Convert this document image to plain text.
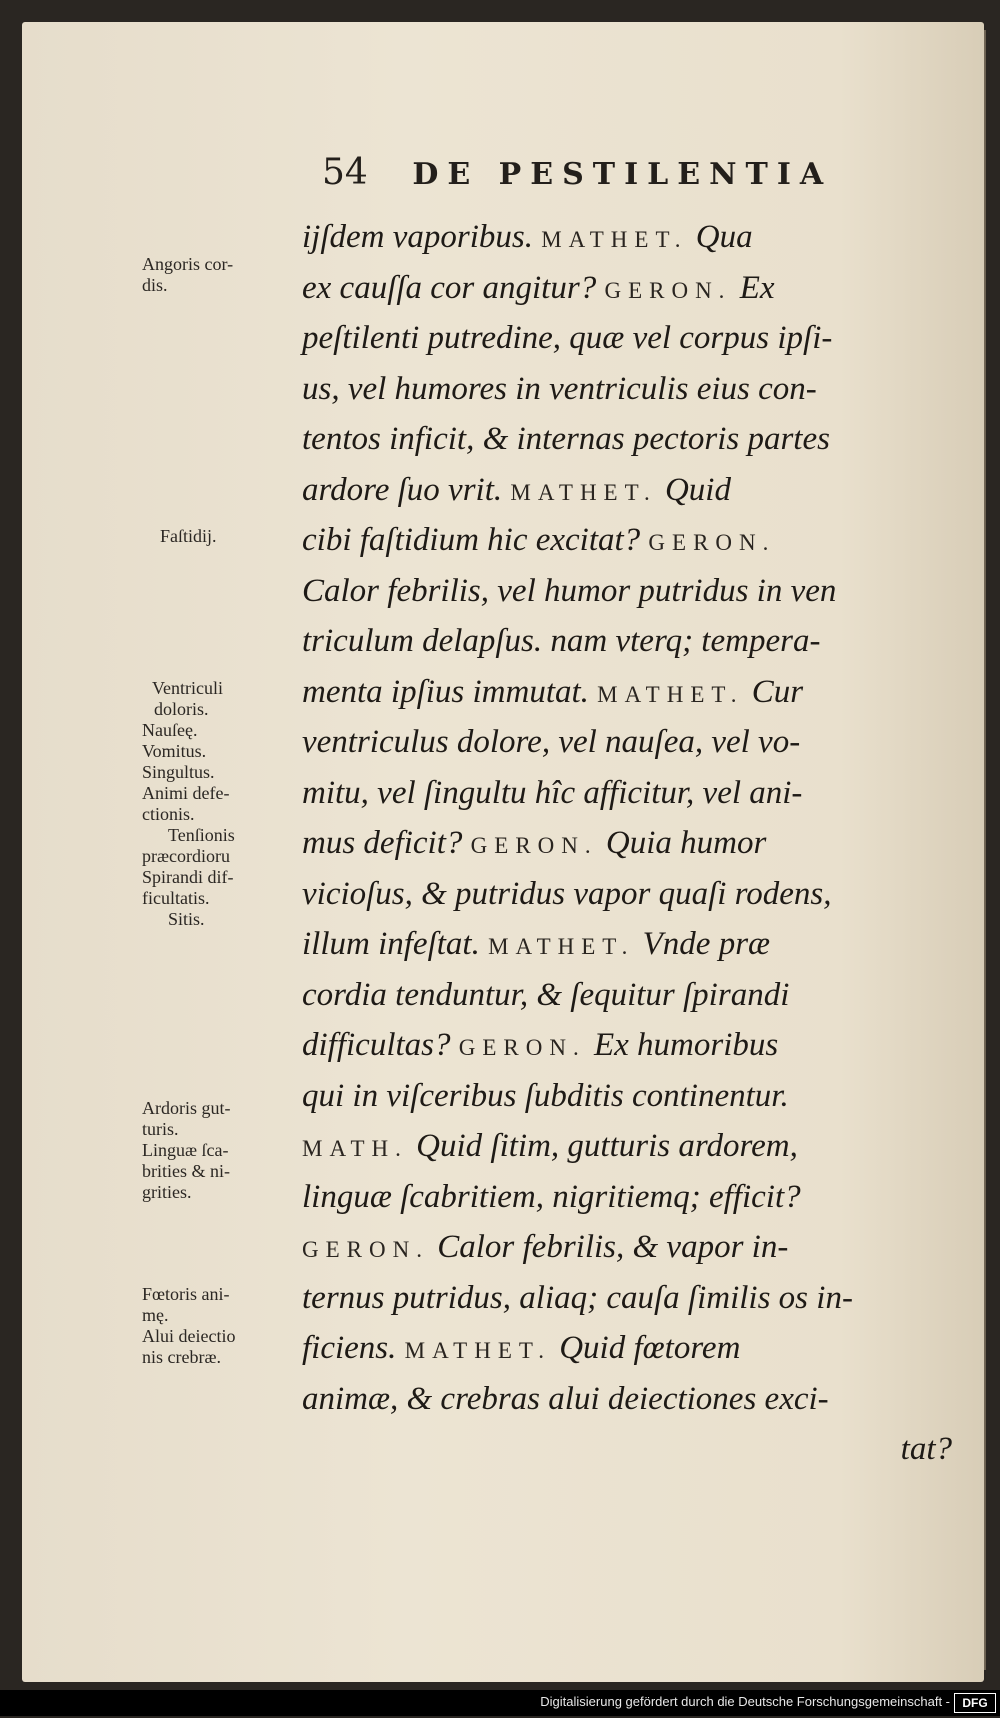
54 DE PESTILENTIA
Angoris cor-
dis.
Faſtidij.
Ventriculi
doloris.
Nauſeę.
Vomitus.
Singultus.
Animi defe-
ctionis.
Tenſionis
præcordioru
Spirandi dif-
ficultatis.
Sitis.
Ardoris gut-
turis.
Linguæ ſca-
brities & ni-
grities.
Fœtoris ani-
mę.
Alui deiectio
nis crebræ.
ijſdem vaporibus. MATHET. Qua
ex cauſſa cor angitur? GERON. Ex
peſtilenti putredine, quæ vel corpus ipſi-
us, vel humores in ventriculis eius con-
tentos inficit, & internas pectoris partes
ardore ſuo vrit. MATHET. Quid
cibi faſtidium hic excitat? GERON.
Calor febrilis, vel humor putridus in ven
triculum delapſus. nam vterq; tempera-
menta ipſius immutat. MATHET. Cur
ventriculus dolore, vel nauſea, vel vo-
mitu, vel ſingultu hîc afficitur, vel ani-
mus deficit? GERON. Quia humor
vicioſus, & putridus vapor quaſi rodens,
illum infeſtat. MATHET. Vnde præ
cordia tenduntur, & ſequitur ſpirandi
difficultas? GERON. Ex humoribus
qui in viſceribus ſubditis continentur.
MATH. Quid ſitim, gutturis ardorem,
linguæ ſcabritiem, nigritiemq; efficit?
GERON. Calor febrilis, & vapor in-
ternus putridus, aliaq; cauſa ſimilis os in-
ficiens. MATHET. Quid fœtorem
animæ, & crebras alui deiectiones exci-
tat?
Digitalisierung gefördert durch die Deutsche Forschungsgemeinschaft -	DFG
